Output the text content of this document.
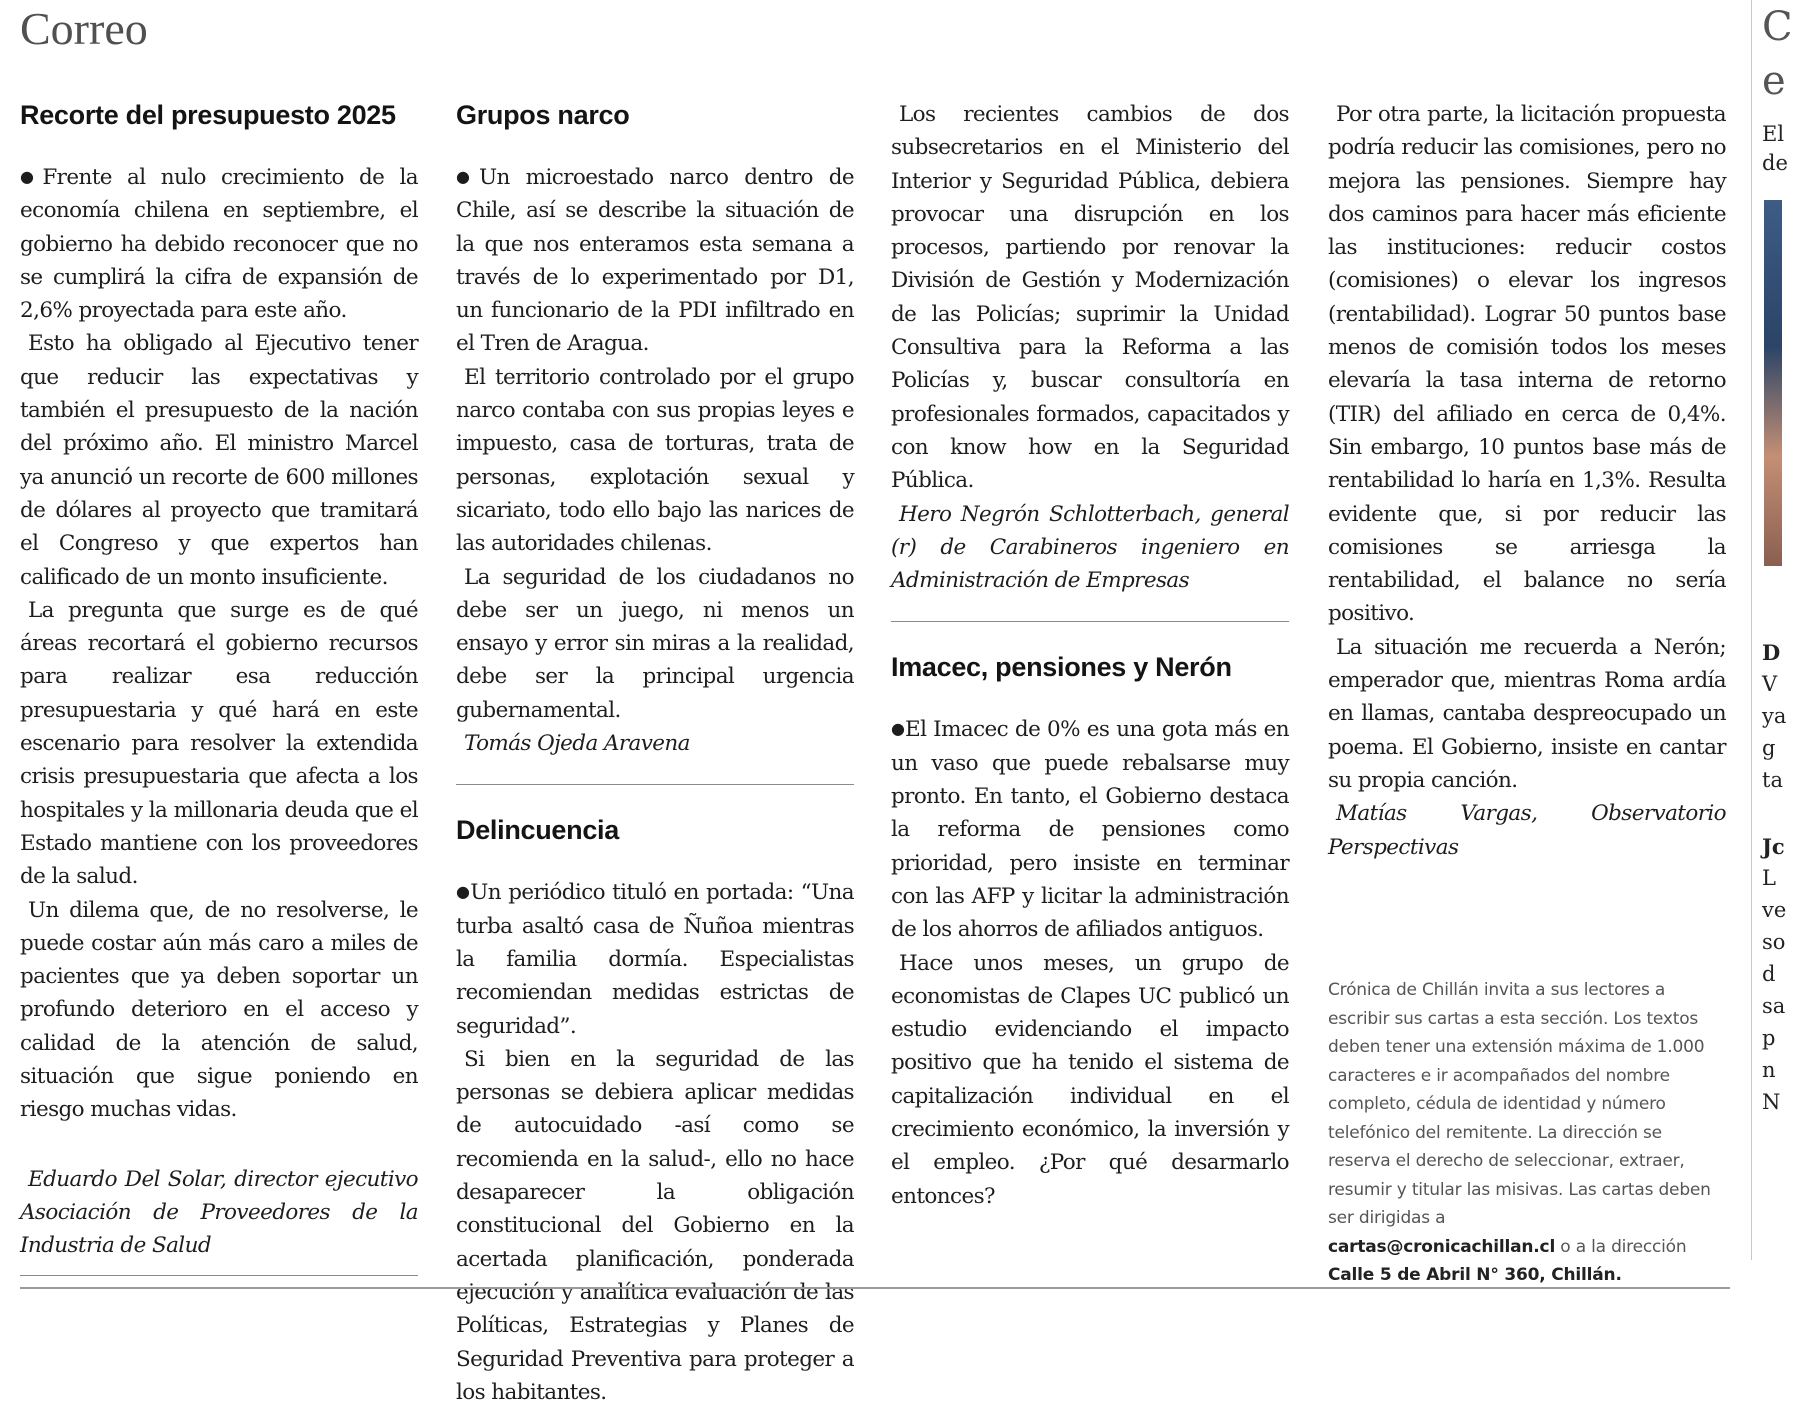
Correo
Recorte del presupuesto 2025

●Frente al nulo crecimiento de la economía chilena en septiembre, el gobierno ha debido reconocer que no se cumplirá la cifra de expansión de 2,6% proyectada para este año.

Esto ha obligado al Ejecutivo tener que reducir las expectativas y también el presupuesto de la nación del próximo año. El ministro Marcel ya anunció un recorte de 600 millones de dólares al proyecto que tramitará el Congreso y que expertos han calificado de un monto insuficiente.

La pregunta que surge es de qué áreas recortará el gobierno recursos para realizar esa reducción presupuestaria y qué hará en este escenario para resolver la extendida crisis presupuestaria que afecta a los hospitales y la millonaria deuda que el Estado mantiene con los proveedores de la salud.

Un dilema que, de no resolverse, le puede costar aún más caro a miles de pacientes que ya deben soportar un profundo deterioro en el acceso y calidad de la atención de salud, situación que sigue poniendo en riesgo muchas vidas.

Eduardo Del Solar, director ejecutivo Asociación de Proveedores de la Industria de Salud

Grupos narco

●Un microestado narco dentro de Chile, así se describe la situación de la que nos enteramos esta semana a través de lo experimentado por D1, un funcionario de la PDI infiltrado en el Tren de Aragua.

El territorio controlado por el grupo narco contaba con sus propias leyes e impuesto, casa de torturas, trata de personas, explotación sexual y sicariato, todo ello bajo las narices de las autoridades chilenas.

La seguridad de los ciudadanos no debe ser un juego, ni menos un ensayo y error sin miras a la realidad, debe ser la principal urgencia gubernamental.

Tomás Ojeda Aravena

Delincuencia

●Un periódico tituló en portada: “Una turba asaltó casa de Ñuñoa mientras la familia dormía. Especialistas recomiendan medidas estrictas de seguridad”.

Si bien en la seguridad de las personas se debiera aplicar medidas de autocuidado -así como se recomienda en la salud-, ello no hace desaparecer la obligación constitucional del Gobierno en la acertada planificación, ponderada ejecución y analítica evaluación de las Políticas, Estrategias y Planes de Seguridad Preventiva para proteger a los habitantes.

Los recientes cambios de dos subsecretarios en el Ministerio del Interior y Seguridad Pública, debiera provocar una disrupción en los procesos, partiendo por renovar la División de Gestión y Modernización de las Policías; suprimir la Unidad Consultiva para la Reforma a las Policías y, buscar consultoría en profesionales formados, capacitados y con know how en la Seguridad Pública.

Hero Negrón Schlotterbach, general (r) de Carabineros ingeniero en Administración de Empresas

Imacec, pensiones y Nerón

●El Imacec de 0% es una gota más en un vaso que puede rebalsarse muy pronto. En tanto, el Gobierno destaca la reforma de pensiones como prioridad, pero insiste en terminar con las AFP y licitar la administración de los ahorros de afiliados antiguos.

Hace unos meses, un grupo de economistas de Clapes UC publicó un estudio evidenciando el impacto positivo que ha tenido el sistema de capitalización individual en el crecimiento económico, la inversión y el empleo. ¿Por qué desarmarlo entonces?

Por otra parte, la licitación propuesta podría reducir las comisiones, pero no mejora las pensiones. Siempre hay dos caminos para hacer más eficiente las instituciones: reducir costos (comisiones) o elevar los ingresos (rentabilidad). Lograr 50 puntos base menos de comisión todos los meses elevaría la tasa interna de retorno (TIR) del afiliado en cerca de 0,4%. Sin embargo, 10 puntos base más de rentabilidad lo haría en 1,3%. Resulta evidente que, si por reducir las comisiones se arriesga la rentabilidad, el balance no sería positivo.

La situación me recuerda a Nerón; emperador que, mientras Roma ardía en llamas, cantaba despreocupado un poema. El Gobierno, insiste en cantar su propia canción.

Matías Vargas, Observatorio Perspectivas

Crónica de Chillán invita a sus lectores a escribir sus cartas a esta sección. Los textos deben tener una extensión máxima de 1.000 caracteres e ir acompañados del nombre completo, cédula de identidad y número telefónico del remitente. La dirección se reserva el derecho de seleccionar, extraer, resumir y titular las misivas. Las cartas deben ser dirigidas a
cartas@cronicachillan.cl o a la dirección
Calle 5 de Abril N° 360, Chillán.
C
e
El
de
D
V
ya
g
ta
Jc
L
ve
so
d
sa
p
n
N
